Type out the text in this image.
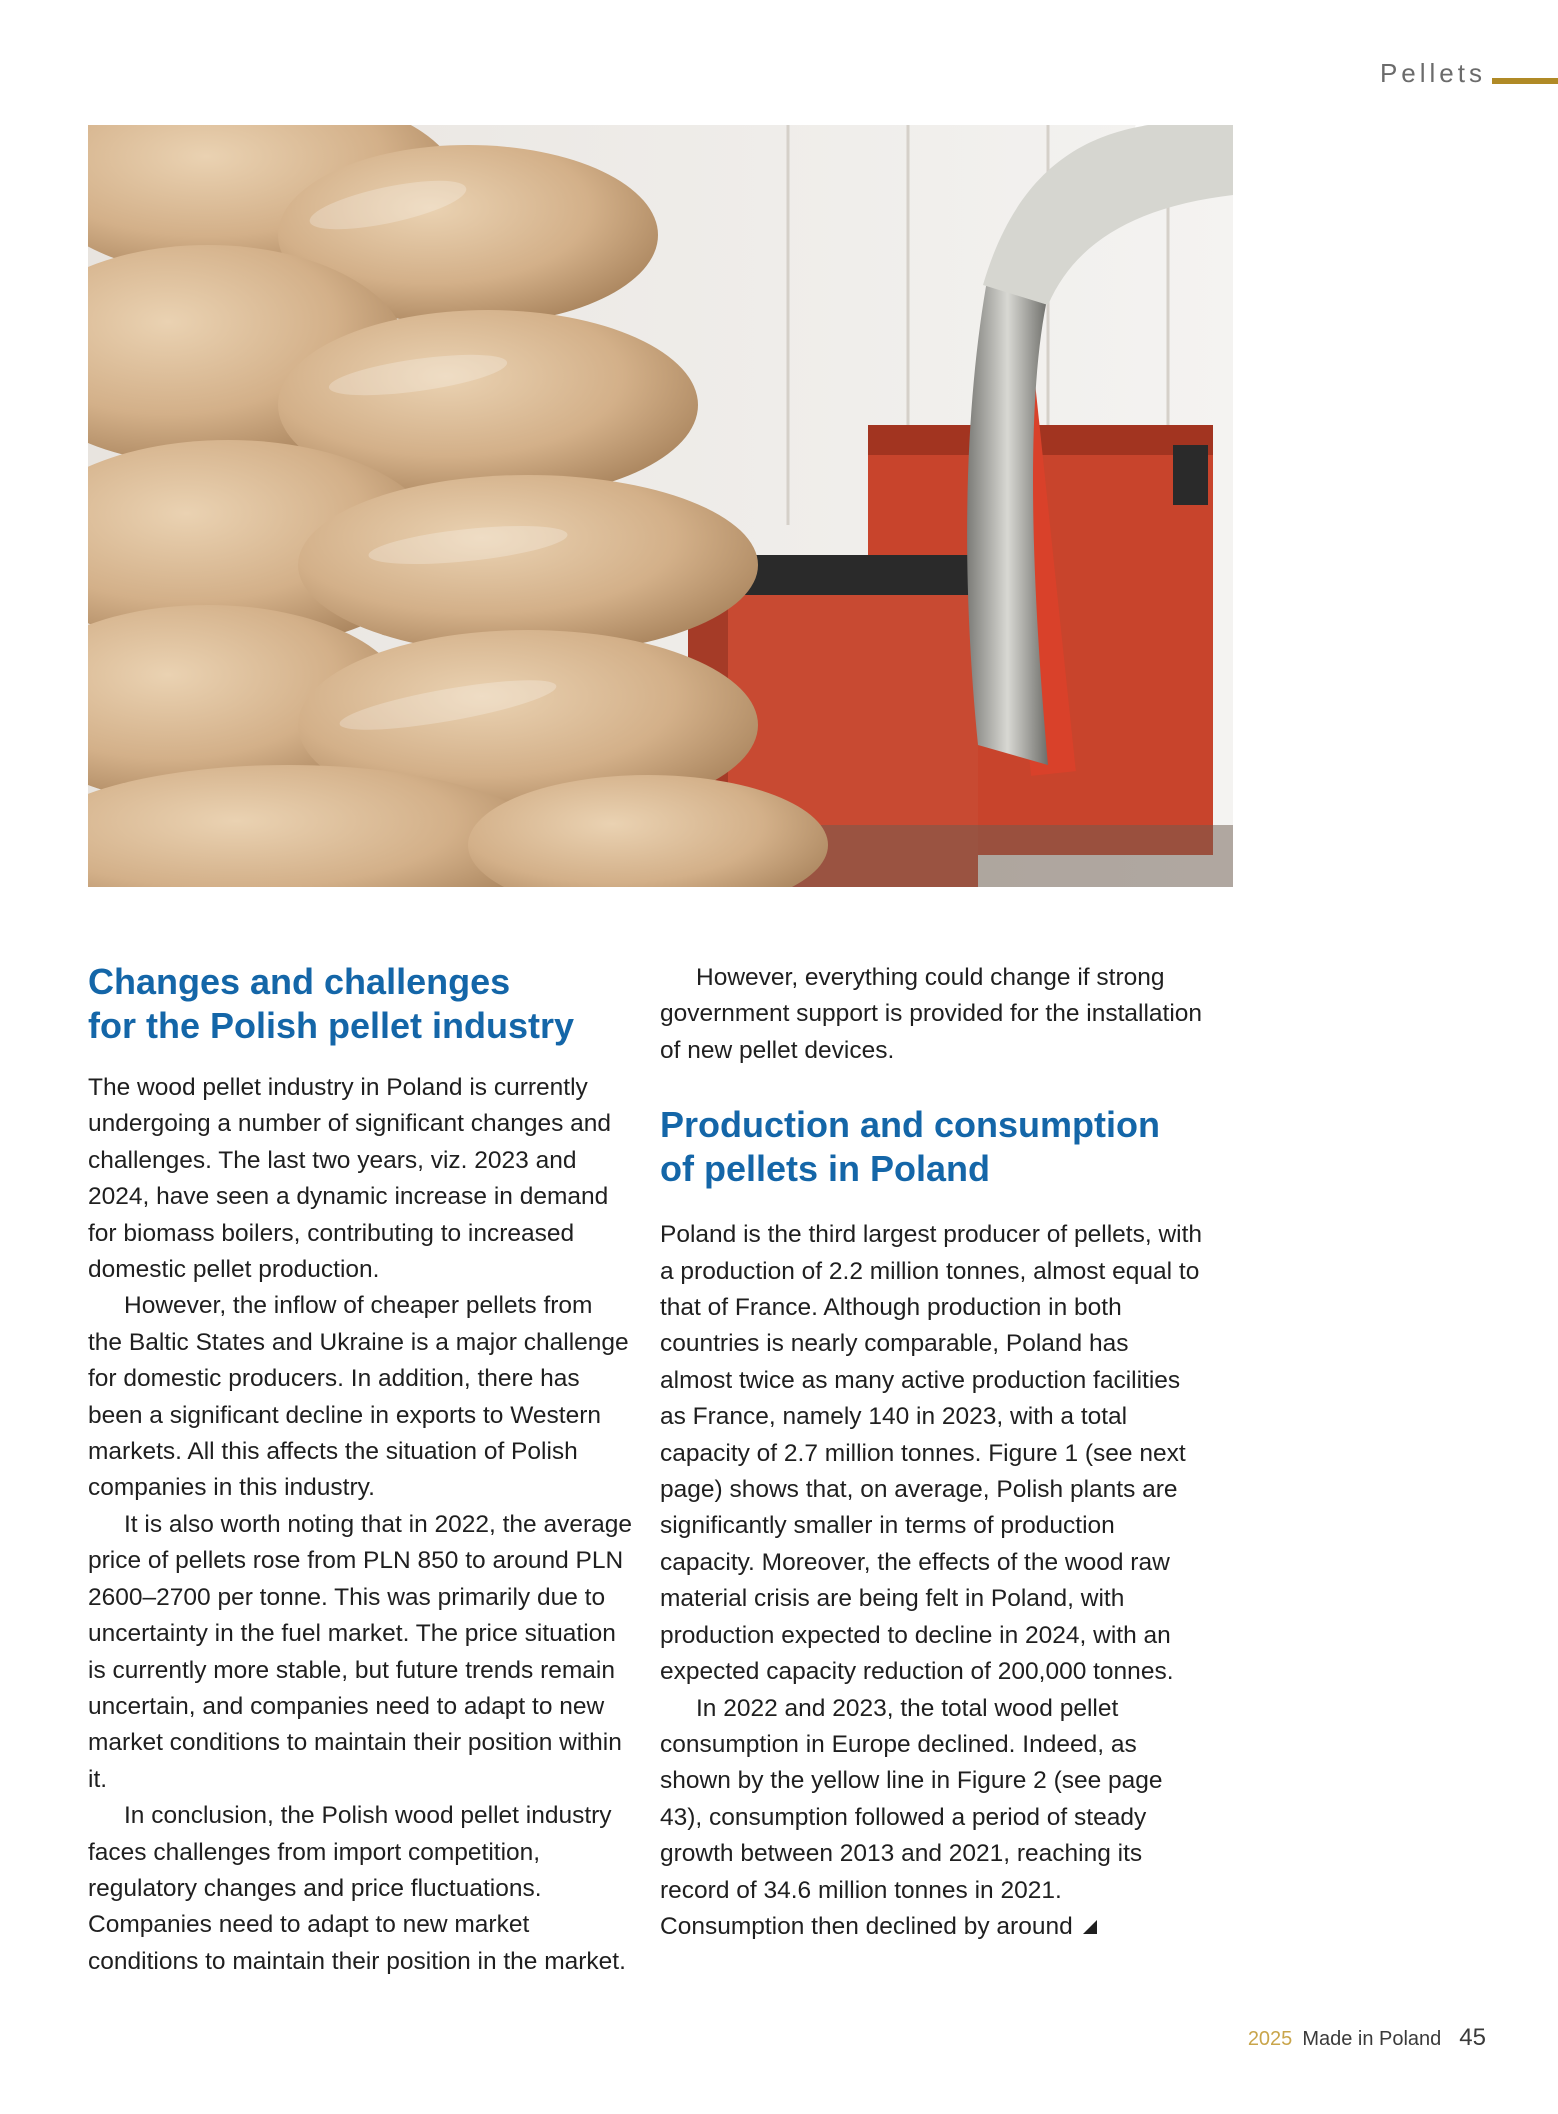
Pellets
Changes and challenges
for the Polish pellet industry

The wood pellet industry in Poland is currently undergoing a number of significant changes and challenges. The last two years, viz. 2023 and 2024, have seen a dynamic increase in demand for biomass boilers, contributing to increased domestic pellet production.

However, the inflow of cheaper pellets from the Baltic States and Ukraine is a major challenge for domestic producers. In addition, there has been a significant decline in exports to Western markets. All this affects the situation of Polish companies in this industry.

It is also worth noting that in 2022, the average price of pellets rose from PLN 850 to around PLN 2600–2700 per tonne. This was primarily due to uncertainty in the fuel market. The price situation is currently more stable, but future trends remain uncertain, and companies need to adapt to new market conditions to maintain their position within it.

In conclusion, the Polish wood pellet industry faces challenges from import competition, regulatory changes and price fluctuations. Companies need to adapt to new market conditions to maintain their position in the market.

However, everything could change if strong government support is provided for the installation of new pellet devices.

Production and consumption
of pellets in Poland

Poland is the third largest producer of pellets, with a production of 2.2 million tonnes, almost equal to that of France. Although production in both countries is nearly comparable, Poland has almost twice as many active production facilities as France, namely 140 in 2023, with a total capacity of 2.7 million tonnes. Figure 1 (see next page) shows that, on average, Polish plants are significantly smaller in terms of production capacity. Moreover, the effects of the wood raw material crisis are being felt in Poland, with production expected to decline in 2024, with an expected capacity reduction of 200,000 tonnes.

In 2022 and 2023, the total wood pellet consumption in Europe declined. Indeed, as shown by the yellow line in Figure 2 (see page 43), consumption followed a period of steady growth between 2013 and 2021, reaching its record of 34.6 million tonnes in 2021. Consumption then declined by around

2025 Made in Poland 45
